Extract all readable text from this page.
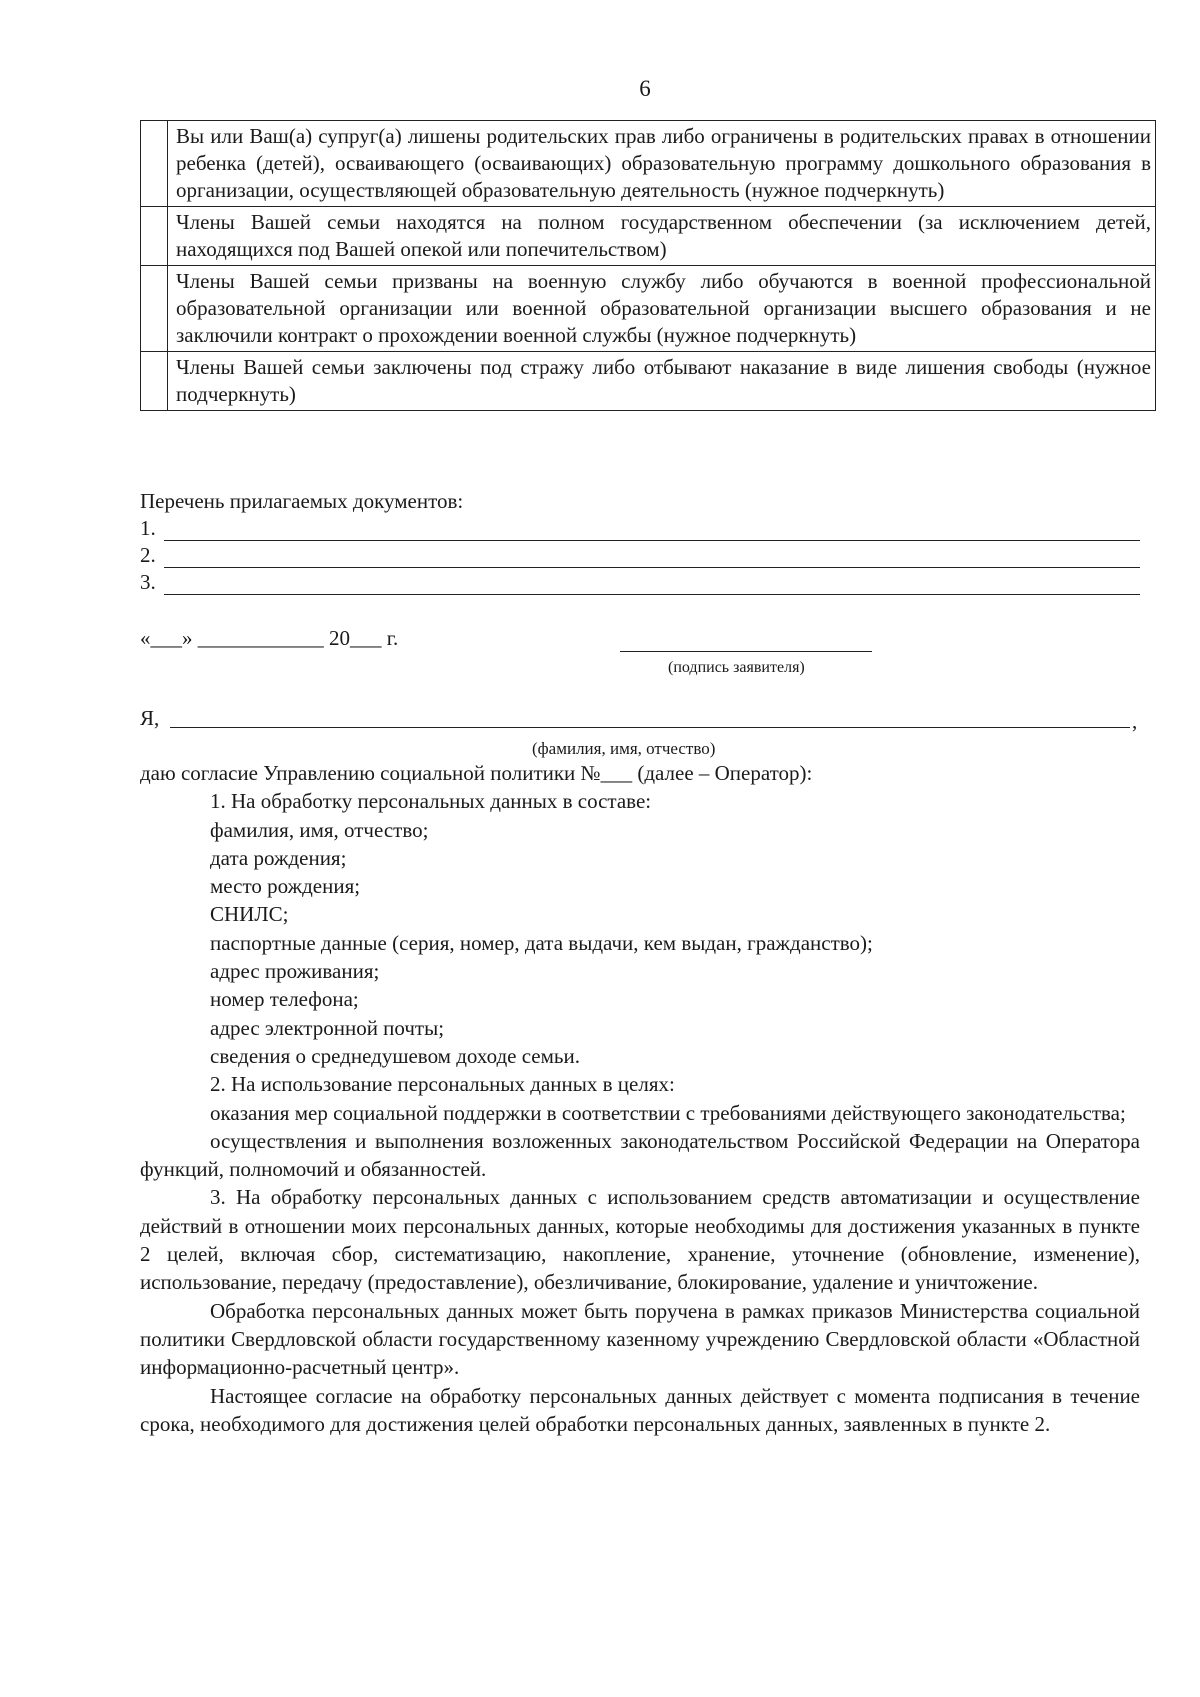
6
	Вы или Ваш(а) супруг(а) лишены родительских прав либо ограничены в родительских правах в отношении ребенка (детей), осваивающего (осваивающих) образовательную программу дошкольного образования в организации, осуществляющей образовательную деятельность (нужное подчеркнуть)
	Члены Вашей семьи находятся на полном государственном обеспечении (за исключением детей, находящихся под Вашей опекой или попечительством)
	Члены Вашей семьи призваны на военную службу либо обучаются в военной профессиональной образовательной организации или военной образовательной организации высшего образования и не заключили контракт о прохождении военной службы (нужное подчеркнуть)
	Члены Вашей семьи заключены под стражу либо отбывают наказание в виде лишения свободы (нужное подчеркнуть)
Перечень прилагаемых документов:
1.
2.
3.
«___» ____________ 20___ г.
(подпись заявителя)
Я,	,
(фамилия, имя, отчество)

даю согласие Управлению социальной политики №___ (далее – Оператор):

1. На обработку персональных данных в составе:

фамилия, имя, отчество;

дата рождения;

место рождения;

СНИЛС;

паспортные данные (серия, номер, дата выдачи, кем выдан, гражданство);

адрес проживания;

номер телефона;

адрес электронной почты;

сведения о среднедушевом доходе семьи.

2. На использование персональных данных в целях:

оказания мер социальной поддержки в соответствии с требованиями действующего законодательства;

осуществления и выполнения возложенных законодательством Российской Федерации на Оператора функций, полномочий и обязанностей.

3. На обработку персональных данных с использованием средств автоматизации и осуществление действий в отношении моих персональных данных, которые необходимы для достижения указанных в пункте 2 целей, включая сбор, систематизацию, накопление, хранение, уточнение (обновление, изменение), использование, передачу (предоставление), обезличивание, блокирование, удаление и уничтожение.

Обработка персональных данных может быть поручена в рамках приказов Министерства социальной политики Свердловской области государственному казенному учреждению Свердловской области «Областной информационно-расчетный центр».

Настоящее согласие на обработку персональных данных действует с момента подписания в течение срока, необходимого для достижения целей обработки персональных данных, заявленных в пункте 2.
